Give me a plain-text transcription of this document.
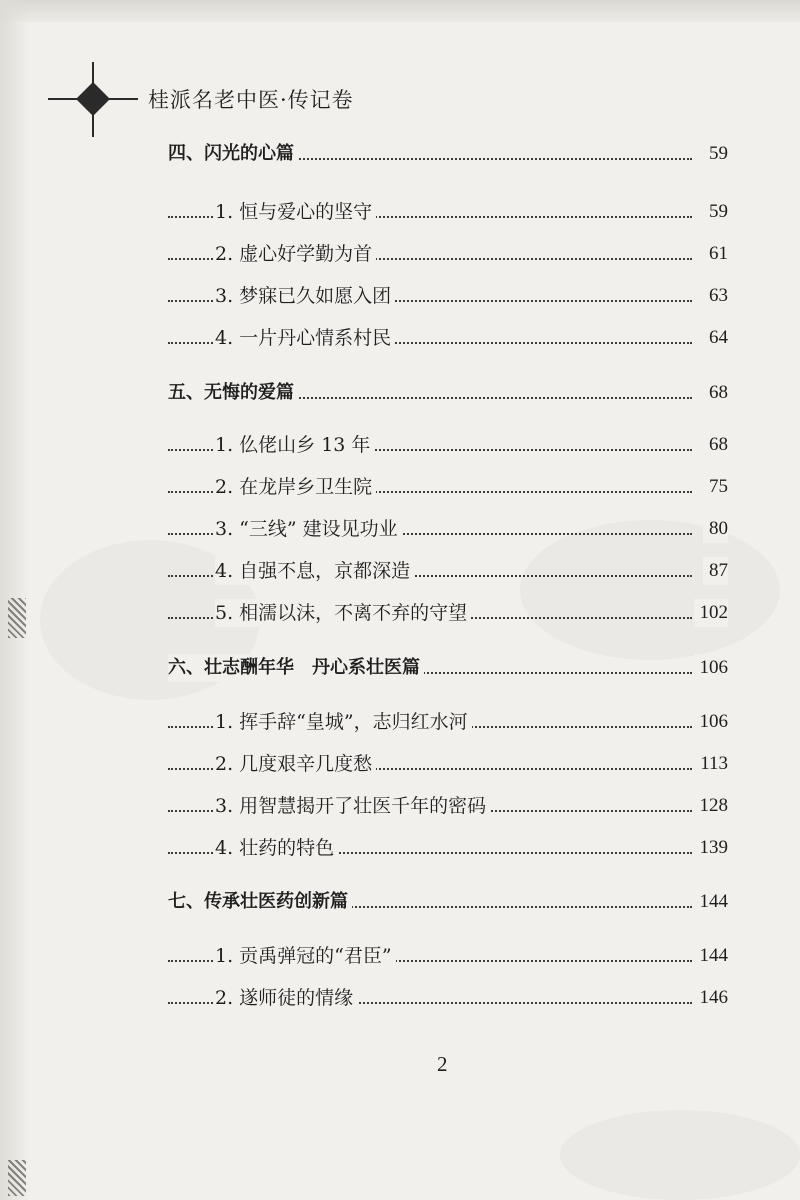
桂派名老中医·传记卷
四、闪光的心篇	59
1. 恒与爱心的坚守	59
2. 虚心好学勤为首	61
3. 梦寐已久如愿入团	63
4. 一片丹心情系村民	64
五、无悔的爱篇	68
1. 仫佬山乡 13 年	68
2. 在龙岸乡卫生院	75
3. “三线” 建设见功业	80
4. 自强不息，京都深造	87
5. 相濡以沫，不离不弃的守望	102
六、壮志酬年华　丹心系壮医篇	106
1. 挥手辞“皇城”，志归红水河	106
2. 几度艰辛几度愁	113
3. 用智慧揭开了壮医千年的密码	128
4. 壮药的特色	139
七、传承壮医药创新篇	144
1. 贡禹弹冠的“君臣”	144
2. 遂师徒的情缘	146
2
